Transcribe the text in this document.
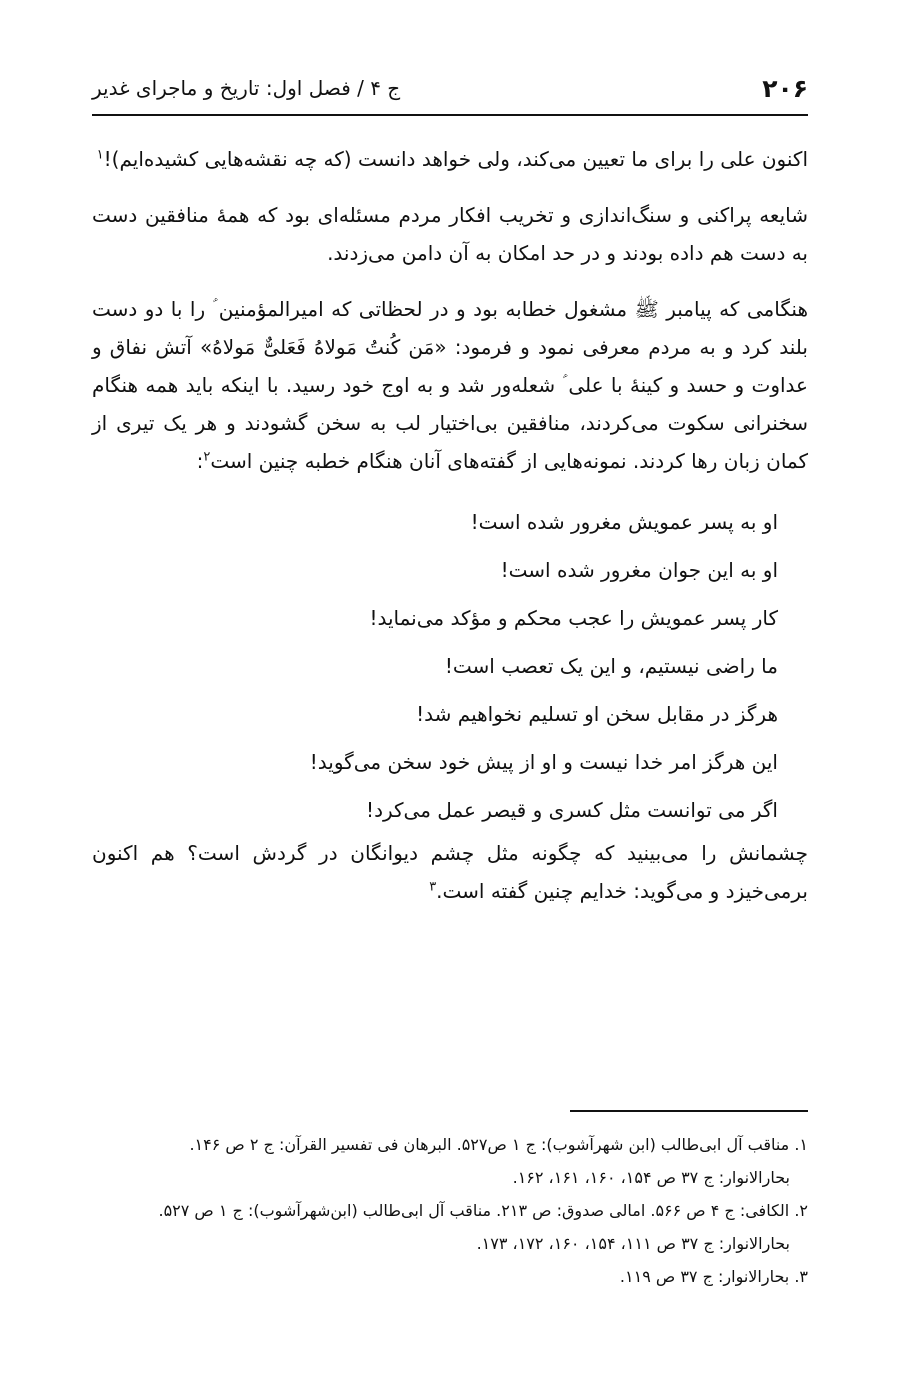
۲۰۶
ج ۴ / فصل اول: تاریخ و ماجرای غدیر

اکنون علی را برای ما تعیین می‌کند، ولی خواهد دانست (که چه نقشه‌هایی کشیده‌ایم)!$^۱$

شایعه پراکنی و سنگ‌اندازی و تخریب افکار مردم مسئله‌ای بود که همهٔ منافقین دست به دست هم داده بودند و در حد امکان به آن دامن می‌زدند.

هنگامی که پیامبر ﷺ مشغول خطابه بود و در لحظاتی که امیرالمؤمنین ؑ را با دو دست بلند کرد و به مردم معرفی نمود و فرمود: «مَن کُنتُ مَولاهُ فَعَلیٌّ مَولاهُ» آتش نفاق و عداوت و حسد و کینهٔ با علی ؑ شعله‌ور شد و به اوج خود رسید. با اینکه باید همه هنگام سخنرانی سکوت می‌کردند، منافقین بی‌اختیار لب به سخن گشودند و هر یک تیری از کمان زبان رها کردند. نمونه‌هایی از گفته‌های آنان هنگام خطبه چنین است$^۲$:

او به پسر عمویش مغرور شده است!
او به این جوان مغرور شده است!
کار پسر عمویش را عجب محکم و مؤکد می‌نماید!
ما راضی نیستیم، و این یک تعصب است!
هرگز در مقابل سخن او تسلیم نخواهیم شد!
این هرگز امر خدا نیست و او از پیش خود سخن می‌گوید!
اگر می توانست مثل کسری و قیصر عمل می‌کرد!

چشمانش را می‌بینید که چگونه مثل چشم دیوانگان در گردش است؟ هم اکنون برمی‌خیزد و می‌گوید: خدایم چنین گفته است.$^۳$

۱. مناقب آل ابی‌طالب (ابن شهرآشوب): ج ۱ ص۵۲۷. البرهان فی تفسیر القرآن: ج ۲ ص ۱۴۶.
بحارالانوار: ج ۳۷ ص ۱۵۴، ۱۶۰، ۱۶۱، ۱۶۲.

۲. الکافی: ج ۴ ص ۵۶۶. امالی صدوق: ص ۲۱۳. مناقب آل ابی‌طالب (ابن‌شهرآشوب): ج ۱ ص ۵۲۷.
بحارالانوار: ج ۳۷ ص ۱۱۱، ۱۵۴، ۱۶۰، ۱۷۲، ۱۷۳.

۳. بحارالانوار: ج ۳۷ ص ۱۱۹.
